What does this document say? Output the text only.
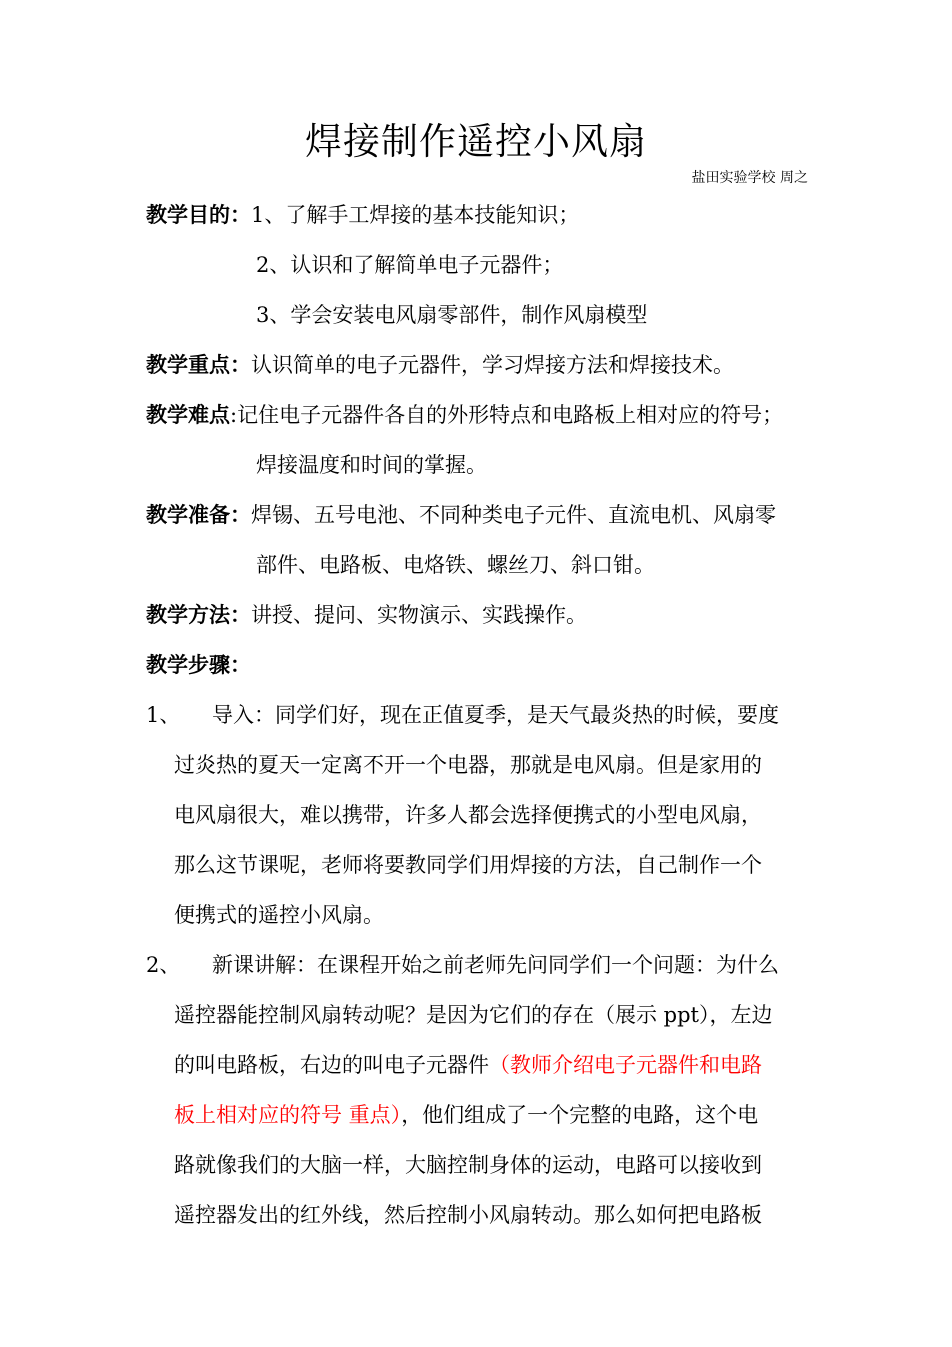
焊接制作遥控小风扇
盐田实验学校 周之
教学目的：1、了解手工焊接的基本技能知识；
2、认识和了解简单电子元器件；
3、学会安装电风扇零部件，制作风扇模型
教学重点：认识简单的电子元器件，学习焊接方法和焊接技术。
教学难点:记住电子元器件各自的外形特点和电路板上相对应的符号；
焊接温度和时间的掌握。
教学准备：焊锡、五号电池、不同种类电子元件、直流电机、风扇零
部件、电路板、电烙铁、螺丝刀、斜口钳。
教学方法：讲授、提问、实物演示、实践操作。
教学步骤：
1、 导入：同学们好，现在正值夏季，是天气最炎热的时候，要度
过炎热的夏天一定离不开一个电器，那就是电风扇。但是家用的
电风扇很大，难以携带，许多人都会选择便携式的小型电风扇，
那么这节课呢，老师将要教同学们用焊接的方法，自己制作一个
便携式的遥控小风扇。
2、 新课讲解：在课程开始之前老师先问同学们一个问题：为什么
遥控器能控制风扇转动呢？是因为它们的存在（展示 ppt），左边
的叫电路板，右边的叫电子元器件（教师介绍电子元器件和电路
板上相对应的符号 重点），他们组成了一个完整的电路，这个电
路就像我们的大脑一样，大脑控制身体的运动，电路可以接收到
遥控器发出的红外线，然后控制小风扇转动。那么如何把电路板
